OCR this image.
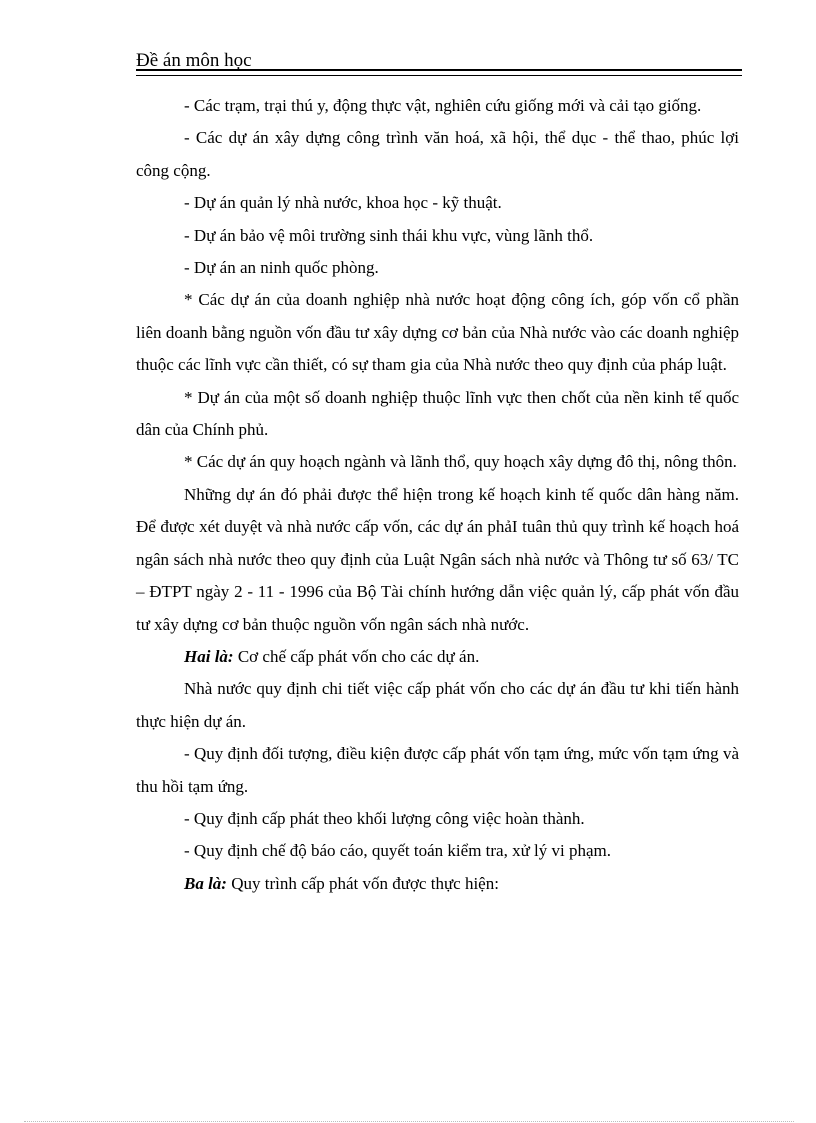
Đề án môn học

- Các trạm, trại thú y, động thực vật, nghiên cứu giống mới và cải tạo giống.

- Các dự án xây dựng công trình văn hoá, xã hội, thể dục - thể thao, phúc lợi công cộng.

- Dự án quản lý nhà nước, khoa học - kỹ thuật.

- Dự án bảo vệ môi trường sinh thái khu vực, vùng lãnh thổ.

- Dự án an ninh quốc phòng.

* Các dự án của doanh nghiệp nhà nước hoạt động công ích, góp vốn cổ phần liên doanh bằng nguồn vốn đầu tư xây dựng cơ bản của Nhà nước vào các doanh nghiệp thuộc các lĩnh vực cần thiết, có sự tham gia của Nhà nước theo quy định của pháp luật.

* Dự án của một số doanh nghiệp thuộc lĩnh vực then chốt của nền kinh tế quốc dân của Chính phủ.

* Các dự án quy hoạch ngành và lãnh thổ, quy hoạch xây dựng đô thị, nông thôn.

Những dự án đó phải được thể hiện trong kế hoạch kinh tế quốc dân hàng năm. Để được xét duyệt và nhà nước cấp vốn, các dự án phảI tuân thủ quy trình kế hoạch hoá ngân sách nhà nước theo quy định của Luật Ngân sách nhà nước và Thông tư số 63/ TC – ĐTPT ngày 2 - 11 - 1996 của Bộ Tài chính hướng dẫn việc quản lý, cấp phát vốn đầu tư xây dựng cơ bản thuộc nguồn vốn ngân sách nhà nước.

Hai là: Cơ chế cấp phát vốn cho các dự án.

Nhà nước quy định chi tiết việc cấp phát vốn cho các dự án đầu tư khi tiến hành thực hiện dự án.

- Quy định đối tượng, điều kiện được cấp phát vốn tạm ứng, mức vốn tạm ứng và thu hồi tạm ứng.

- Quy định cấp phát theo khối lượng công việc hoàn thành.

- Quy định chế độ báo cáo, quyết toán kiểm tra, xử lý vi phạm.

Ba là: Quy trình cấp phát vốn được thực hiện:
